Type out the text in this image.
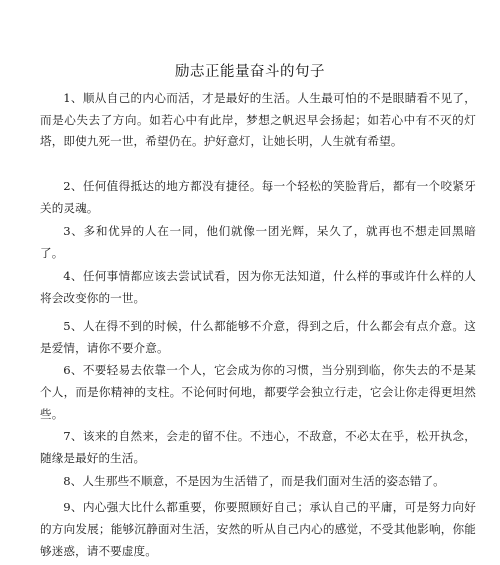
励志正能量奋斗的句子

1、顺从自己的内心而活，才是最好的生活。人生最可怕的不是眼睛看不见了，而是心失去了方向。如若心中有此岸，梦想之帆迟早会扬起；如若心中有不灭的灯塔，即使九死一世，希望仍在。护好意灯，让她长明，人生就有希望。

2、任何值得抵达的地方都没有捷径。每一个轻松的笑脸背后，都有一个咬紧牙关的灵魂。

3、多和优异的人在一同，他们就像一团光辉，呆久了，就再也不想走回黑暗了。

4、任何事情都应该去尝试试看，因为你无法知道，什么样的事或许什么样的人将会改变你的一世。

5、人在得不到的时候，什么都能够不介意，得到之后，什么都会有点介意。这是爱情，请你不要介意。

6、不要轻易去依靠一个人，它会成为你的习惯，当分别到临，你失去的不是某个人，而是你精神的支柱。不论何时何地，都要学会独立行走，它会让你走得更坦然些。

7、该来的自然来，会走的留不住。不违心，不敌意，不必太在乎，松开执念，随缘是最好的生活。

8、人生那些不顺意，不是因为生活错了，而是我们面对生活的姿态错了。

9、内心强大比什么都重要，你要照顾好自己；承认自己的平庸，可是努力向好的方向发展；能够沉静面对生活，安然的听从自己内心的感觉，不受其他影响，你能够迷惑，请不要虚度。
